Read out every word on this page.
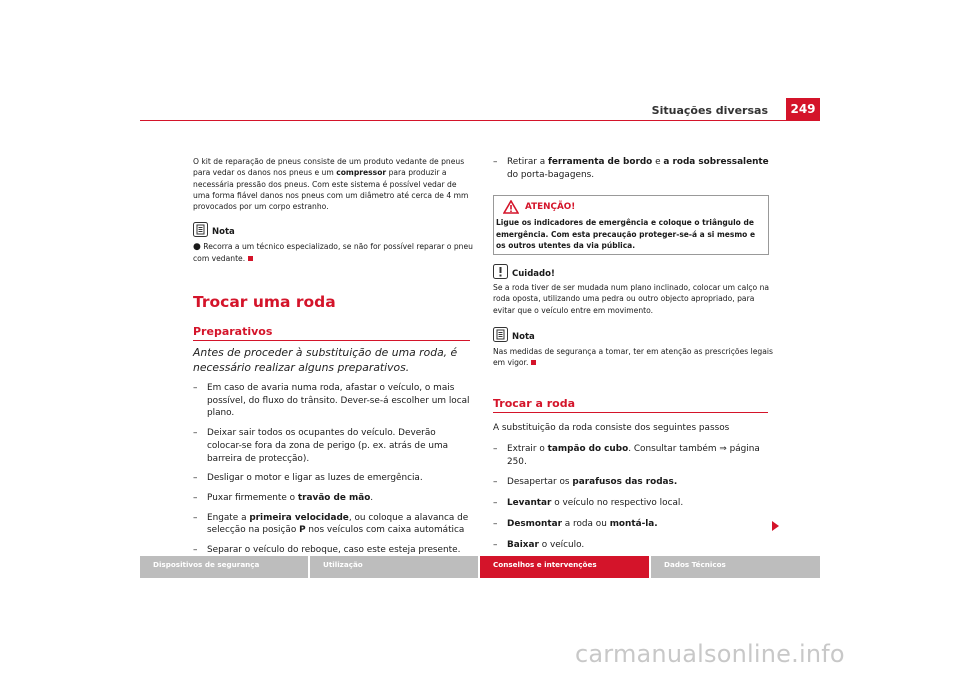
Situações diversas	249
O kit de reparação de pneus consiste de um produto vedante de pneus para vedar os danos nos pneus e um compressor para produzir a necessária pressão dos pneus. Com este sistema é possível vedar de uma forma fiável danos nos pneus com um diâmetro até cerca de 4 mm provocados por um corpo estranho.
Nota
● Recorra a um técnico especializado, se não for possível reparar o pneu com vedante.
Trocar uma roda
Preparativos
Antes de proceder à substituição de uma roda, é necessário realizar alguns preparativos.
–	Em caso de avaria numa roda, afastar o veículo, o mais possível, do fluxo do trânsito. Dever-se-á escolher um local plano.
–	Deixar sair todos os ocupantes do veículo. Deverão colocar-se fora da zona de perigo (p. ex. atrás de uma barreira de protecção).
–	Desligar o motor e ligar as luzes de emergência.
–	Puxar firmemente o travão de mão.
–	Engate a primeira velocidade, ou coloque a alavanca de selecção na posição P nos veículos com caixa automática
–	Separar o veículo do reboque, caso este esteja presente.
–	Retirar a ferramenta de bordo e a roda sobressalente do porta-bagagens.
ATENÇÃO!
Ligue os indicadores de emergência e coloque o triângulo de emergência. Com esta precaução proteger-se-á a si mesmo e os outros utentes da via pública.
Cuidado!
Se a roda tiver de ser mudada num plano inclinado, colocar um calço na roda oposta, utilizando uma pedra ou outro objecto apropriado, para evitar que o veículo entre em movimento.
Nota
Nas medidas de segurança a tomar, ter em atenção as prescrições legais em vigor.
Trocar a roda
A substituição da roda consiste dos seguintes passos
–	Extrair o tampão do cubo. Consultar também ⇒ página 250.
–	Desapertar os parafusos das rodas.
–	Levantar o veículo no respectivo local.
–	Desmontar a roda ou montá-la.
–	Baixar o veículo.
Dispositivos de segurança	Utilização	Conselhos e intervenções	Dados Técnicos
carmanualsonline.info
